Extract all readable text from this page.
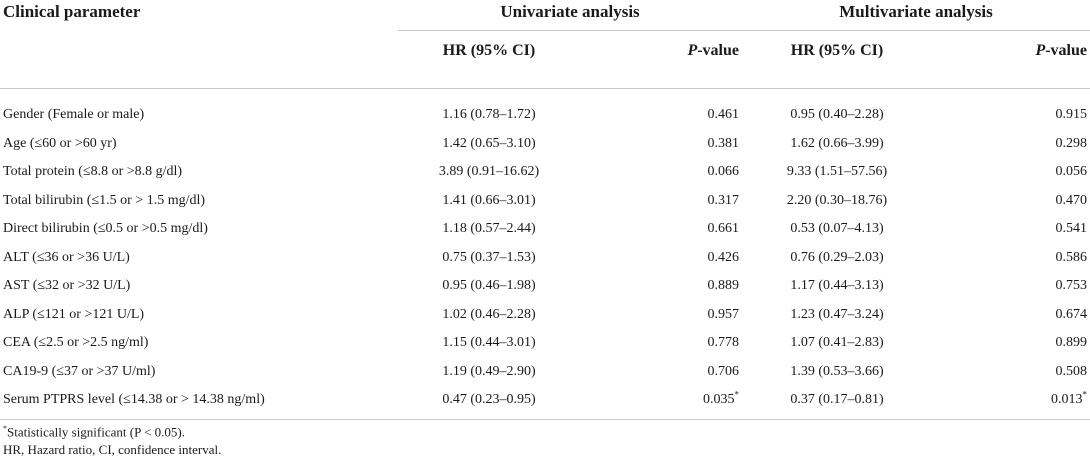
Clinical parameter	Univariate analysis		Multivariate analysis	
	HR (95% CI)	P-value	HR (95% CI)	P-value
Gender (Female or male)	1.16 (0.78–1.72)	0.461	0.95 (0.40–2.28)	0.915
Age (≤60 or >60 yr)	1.42 (0.65–3.10)	0.381	1.62 (0.66–3.99)	0.298
Total protein (≤8.8 or >8.8 g/dl)	3.89 (0.91–16.62)	0.066	9.33 (1.51–57.56)	0.056
Total bilirubin (≤1.5 or > 1.5 mg/dl)	1.41 (0.66–3.01)	0.317	2.20 (0.30–18.76)	0.470
Direct bilirubin (≤0.5 or >0.5 mg/dl)	1.18 (0.57–2.44)	0.661	0.53 (0.07–4.13)	0.541
ALT (≤36 or >36 U/L)	0.75 (0.37–1.53)	0.426	0.76 (0.29–2.03)	0.586
AST (≤32 or >32 U/L)	0.95 (0.46–1.98)	0.889	1.17 (0.44–3.13)	0.753
ALP (≤121 or >121 U/L)	1.02 (0.46–2.28)	0.957	1.23 (0.47–3.24)	0.674
CEA (≤2.5 or >2.5 ng/ml)	1.15 (0.44–3.01)	0.778	1.07 (0.41–2.83)	0.899
CA19-9 (≤37 or >37 U/ml)	1.19 (0.49–2.90)	0.706	1.39 (0.53–3.66)	0.508
Serum PTPRS level (≤14.38 or > 14.38 ng/ml)	0.47 (0.23–0.95)	0.035*	0.37 (0.17–0.81)	0.013*
*Statistically significant (P < 0.05).
HR, Hazard ratio, CI, confidence interval.
